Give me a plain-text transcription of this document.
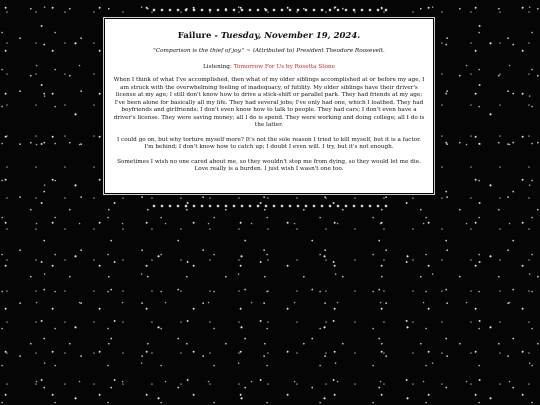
Failure - Tuesday, November 19, 2024.

"Comparison is the thief of joy." ~ (Attributed to) President Theodore Roosevelt.

Listening: Tomorrow For Us by Rosetta Stone

When I think of what I've accomplished, then what of my older siblings accomplished at or before my age, I am struck with the overwhelming feeling of inadequacy, of futility. My older siblings have their driver's license at my age; I still don't know how to drive a stick-shift or parallel park. They had friends at my age; I've been alone for basically all my life. They had several jobs; I've only had one, which I loathed. They had boyfriends and girlfriends; I don't even know how to talk to people. They had cars; I don't even have a driver's license. They were saving money; all I do is spend. They were working and doing college; all I do is the latter.

I could go on, but why torture myself more? It's not the sole reason I tried to kill myself, but it is a factor. I'm behind; I don't know how to catch up; I doubt I even will. I try, but it's not enough.

Sometimes I wish no one cared about me, so they wouldn't stop me from dying, so they would let me die. Love really is a burden. I just wish I wasn't one too.
